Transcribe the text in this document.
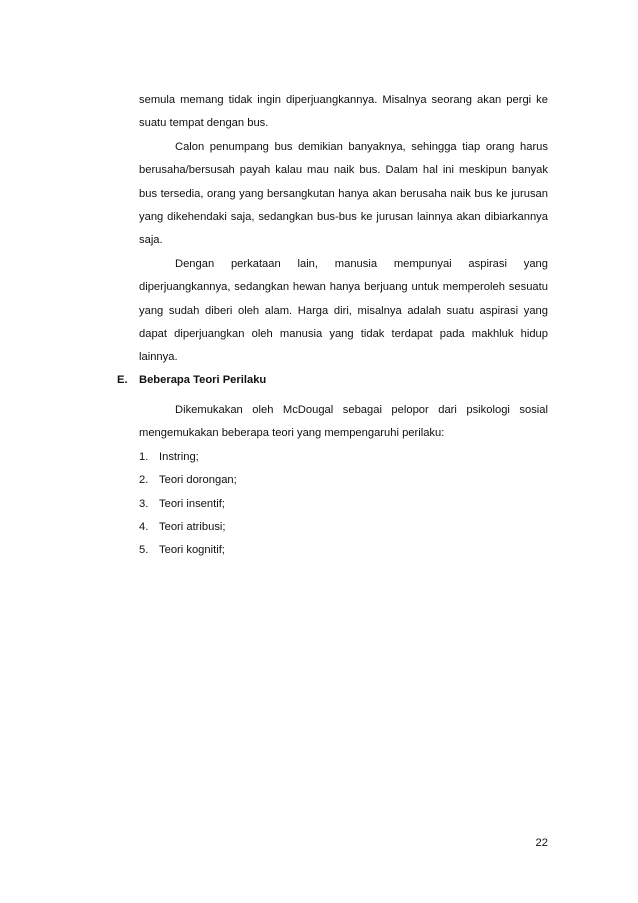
semula memang tidak ingin diperjuangkannya. Misalnya seorang akan pergi ke suatu tempat dengan bus.

Calon penumpang bus demikian banyaknya, sehingga tiap orang harus berusaha/bersusah payah kalau mau naik bus. Dalam hal ini meskipun banyak bus tersedia, orang yang bersangkutan hanya akan berusaha naik bus ke jurusan yang dikehendaki saja, sedangkan bus-bus ke jurusan lainnya akan dibiarkannya saja.

Dengan perkataan lain, manusia mempunyai aspirasi yang diperjuangkannya, sedangkan hewan hanya berjuang untuk memperoleh sesuatu yang sudah diberi oleh alam. Harga diri, misalnya adalah suatu aspirasi yang dapat diperjuangkan oleh manusia yang tidak terdapat pada makhluk hidup lainnya.

E. Beberapa Teori Perilaku

Dikemukakan oleh McDougal sebagai pelopor dari psikologi sosial mengemukakan beberapa teori yang mempengaruhi perilaku:

1. Instring;
2. Teori dorongan;
3. Teori insentif;
4. Teori atribusi;
5. Teori kognitif;
22
